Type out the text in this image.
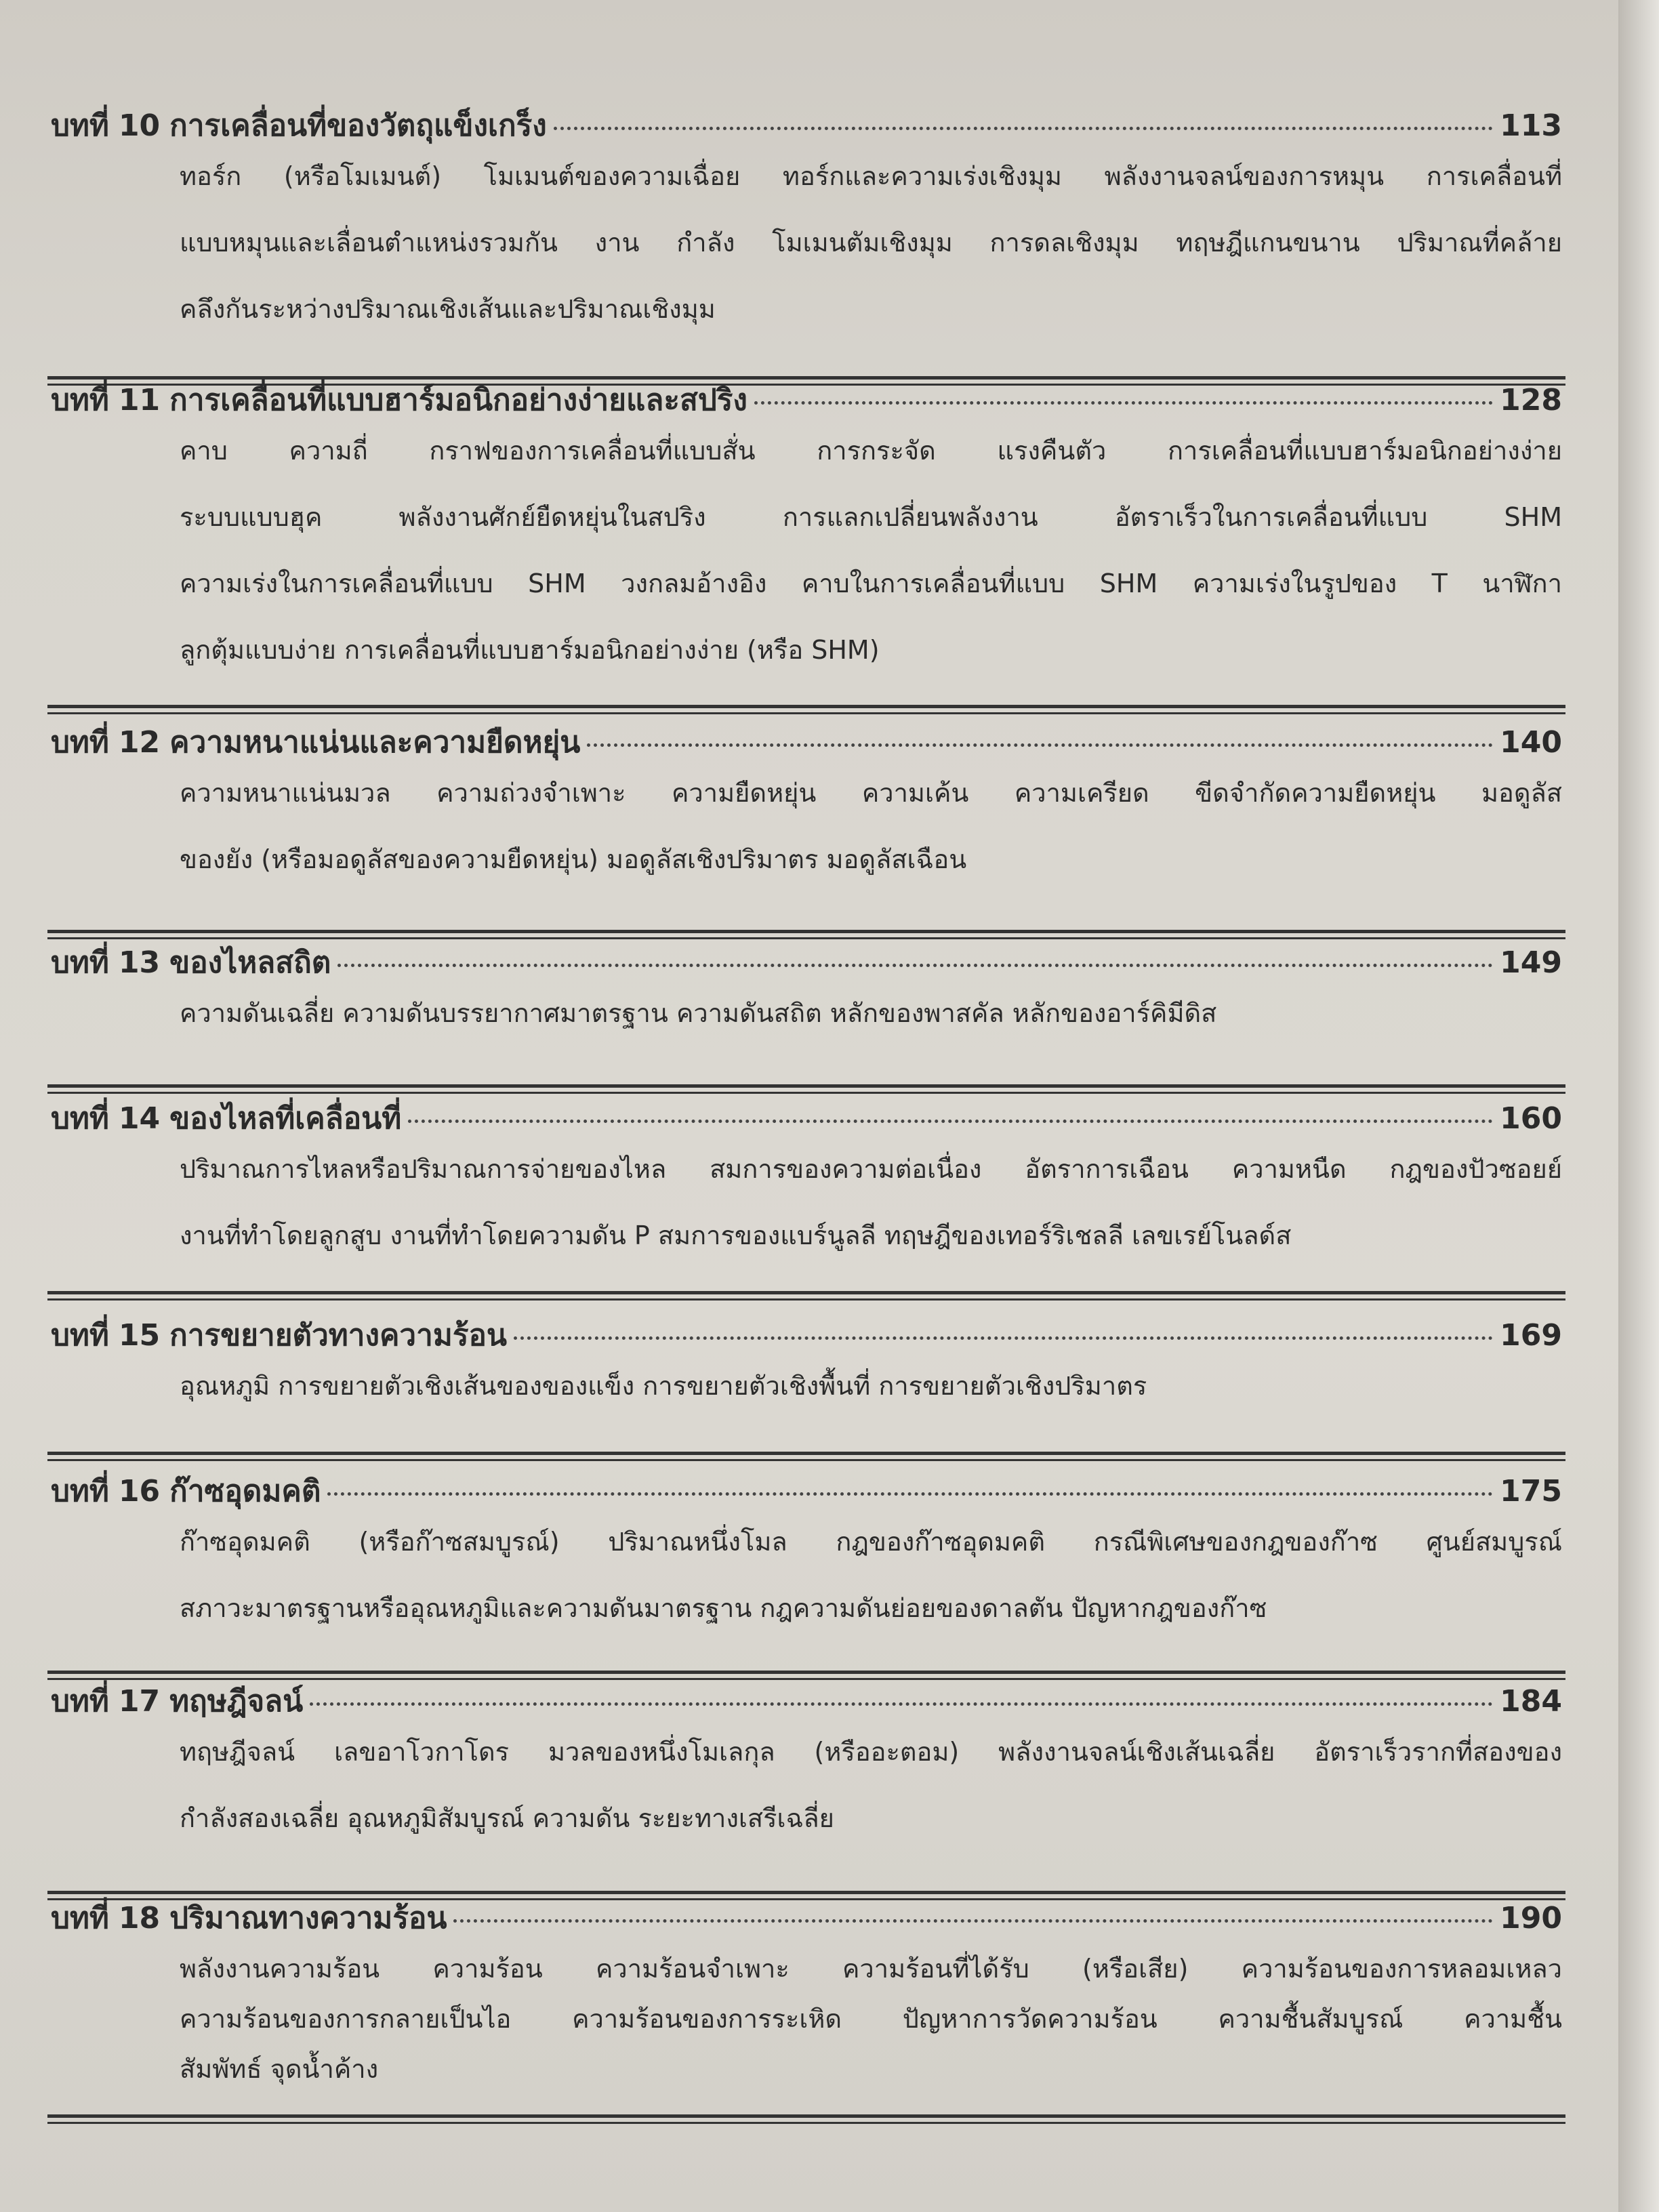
บทที่ 10 การเคลื่อนที่ของวัตถุแข็งเกร็ง	113
ทอร์ก (หรือโมเมนต์) โมเมนต์ของความเฉื่อย ทอร์กและความเร่งเชิงมุม พลังงานจลน์ของการหมุน การเคลื่อนที่
แบบหมุนและเลื่อนตำแหน่งรวมกัน งาน กำลัง โมเมนตัมเชิงมุม การดลเชิงมุม ทฤษฎีแกนขนาน ปริมาณที่คล้าย
คลึงกันระหว่างปริมาณเชิงเส้นและปริมาณเชิงมุม
บทที่ 11 การเคลื่อนที่แบบฮาร์มอนิกอย่างง่ายและสปริง	128
คาบ ความถี่ กราฟของการเคลื่อนที่แบบสั่น การกระจัด แรงคืนตัว การเคลื่อนที่แบบฮาร์มอนิกอย่างง่าย
ระบบแบบฮุค พลังงานศักย์ยืดหยุ่นในสปริง การแลกเปลี่ยนพลังงาน อัตราเร็วในการเคลื่อนที่แบบ SHM
ความเร่งในการเคลื่อนที่แบบ SHM วงกลมอ้างอิง คาบในการเคลื่อนที่แบบ SHM ความเร่งในรูปของ T นาฬิกา
ลูกตุ้มแบบง่าย การเคลื่อนที่แบบฮาร์มอนิกอย่างง่าย (หรือ SHM)
บทที่ 12 ความหนาแน่นและความยืดหยุ่น	140
ความหนาแน่นมวล ความถ่วงจำเพาะ ความยืดหยุ่น ความเค้น ความเครียด ขีดจำกัดความยืดหยุ่น มอดูลัส
ของยัง (หรือมอดูลัสของความยืดหยุ่น) มอดูลัสเชิงปริมาตร มอดูลัสเฉือน
บทที่ 13 ของไหลสถิต	149
ความดันเฉลี่ย ความดันบรรยากาศมาตรฐาน ความดันสถิต หลักของพาสคัล หลักของอาร์คิมีดิส
บทที่ 14 ของไหลที่เคลื่อนที่	160
ปริมาณการไหลหรือปริมาณการจ่ายของไหล สมการของความต่อเนื่อง อัตราการเฉือน ความหนืด กฎของปัวซอยย์
งานที่ทำโดยลูกสูบ งานที่ทำโดยความดัน P สมการของแบร์นูลลี ทฤษฎีของเทอร์ริเชลลี เลขเรย์โนลด์ส
บทที่ 15 การขยายตัวทางความร้อน	169
อุณหภูมิ การขยายตัวเชิงเส้นของของแข็ง การขยายตัวเชิงพื้นที่ การขยายตัวเชิงปริมาตร
บทที่ 16 ก๊าซอุดมคติ	175
ก๊าซอุดมคติ (หรือก๊าซสมบูรณ์) ปริมาณหนึ่งโมล กฎของก๊าซอุดมคติ กรณีพิเศษของกฎของก๊าซ ศูนย์สมบูรณ์
สภาวะมาตรฐานหรืออุณหภูมิและความดันมาตรฐาน กฎความดันย่อยของดาลตัน ปัญหากฎของก๊าซ
บทที่ 17 ทฤษฎีจลน์	184
ทฤษฎีจลน์ เลขอาโวกาโดร มวลของหนึ่งโมเลกุล (หรืออะตอม) พลังงานจลน์เชิงเส้นเฉลี่ย อัตราเร็วรากที่สองของ
กำลังสองเฉลี่ย อุณหภูมิสัมบูรณ์ ความดัน ระยะทางเสรีเฉลี่ย
บทที่ 18 ปริมาณทางความร้อน	190
พลังงานความร้อน ความร้อน ความร้อนจำเพาะ ความร้อนที่ได้รับ (หรือเสีย) ความร้อนของการหลอมเหลว
ความร้อนของการกลายเป็นไอ ความร้อนของการระเหิด ปัญหาการวัดความร้อน ความชื้นสัมบูรณ์ ความชื้น
สัมพัทธ์ จุดน้ำค้าง
